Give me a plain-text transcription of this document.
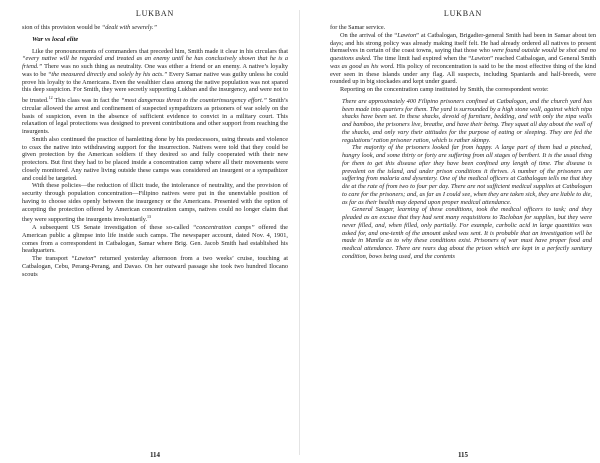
LUKBAN

sion of this provision would be “dealt with severely.”

War vs local elite

Like the pronouncements of commanders that preceded him, Smith made it clear in his circulars that “every native will be regarded and treated as an enemy until he has conclusively shown that he is a friend.” There was no such thing as neutrality. One was either a friend or an enemy. A native’s loyalty was to be “the measured directly and solely by his acts.” Every Samar native was guilty unless he could prove his loyalty to the Americans. Even the wealthier class among the native population was not spared this deep suspicion. For Smith, they were secretly supporting Lukban and the insurgency, and were not to be trusted.$^{12}$ This class was in fact the “most dangerous threat to the counterinsurgency effort.” Smith’s circular allowed the arrest and confinement of suspected sympathizers as prisoners of war solely on the basis of suspicion, even in the absence of sufficient evidence to convict in a military court. This relaxation of legal protections was designed to prevent contributions and other support from reaching the insurgents.

Smith also continued the practice of hamletting done by his predecessors, using threats and violence to coax the native into withdrawing support for the insurrection. Natives were told that they could be given protection by the American soldiers if they desired so and fully cooperated with their new protectors. But first they had to be placed inside a concentration camp where all their movements were closely monitored. Any native living outside these camps was considered an insurgent or a sympathizer and could be targeted.

With these policies—the reduction of illicit trade, the intolerance of neutrality, and the provision of security through population concentration—Filipino natives were put in the unenviable position of having to choose sides openly between the insurgency or the Americans. Presented with the option of accepting the protection offered by American concentration camps, natives could no longer claim that they were supporting the insurgents involuntarily.$^{13}$

A subsequent US Senate investigation of these so-called “concentration camps” offered the American public a glimpse into life inside such camps. The newspaper account, dated Nov. 4, 1901, comes from a correspondent in Catbalogan, Samar where Brig. Gen. Jacob Smith had established his headquarters.

The transport “Lawton” returned yesterday afternoon from a two weeks’ cruise, touching at Catbalogan, Cebu, Perang-Perang, and Davao. On her outward passage she took two hundred Ilocano scouts

114
LUKBAN

for the Samar service.

On the arrival of the “Lawton” at Catbalogan, Brigadier-general Smith had been in Samar about ten days; and his strong policy was already making itself felt. He had already ordered all natives to present themselves in certain of the coast towns, saying that those who were found outside would be shot and no questions asked. The time limit had expired when the “Lawton” reached Catbalogan, and General Smith was as good as his word. His policy of reconcentration is said to be the most effective thing of the kind ever seen in these islands under any flag. All suspects, including Spaniards and half-breeds, were rounded up in big stockades and kept under guard.

Reporting on the concentration camp instituted by Smith, the correspondent wrote:

There are approximately 400 Filipino prisoners confined at Catbalogan, and the church yard has been made into quarters for them. The yard is surrounded by a high stone wall, against which nipa shacks have been set. In these shacks, devoid of furniture, bedding, and with only the nipa walls and bamboo, the prisoners live, breathe, and have their being. They squat all day about the wall of the shacks, and only vary their attitudes for the purpose of eating or sleeping. They are fed the regulations’ ration prisoner ration, which is rather skimpy.

The majority of the prisoners looked far from happy. A large part of them had a pinched, hungry look, and some thirty or forty are suffering from all stages of beriberi. It is the usual thing for them to get this disease after they have been confined any length of time. The disease is prevalent on the island, and under prison conditions it thrives. A number of the prisoners are suffering from malaria and dysentery. One of the medical officers at Catbalogan tells me that they die at the rate of from two to four per day. There are not sufficient medical supplies at Catbalogan to care for the prisoners; and, as far as I could see, when they are taken sick, they are liable to die, as far as their health may depend upon proper medical attendance.

General Sauger, learning of these conditions, took the medical officers to task; and they pleaded as an excuse that they had sent many requisitions to Tacloban for supplies, but they were never filled, and, when filled, only partially. For example, carbolic acid in large quantities was asked for, and one-tenth of the amount asked was sent. It is probable that an investigation will be made in Manila as to why these conditions exist. Prisoners of war must have proper food and medical attendance. There are rears dug about the prison which are kept in a perfectly sanitary condition, bows being used, and the contents

115
